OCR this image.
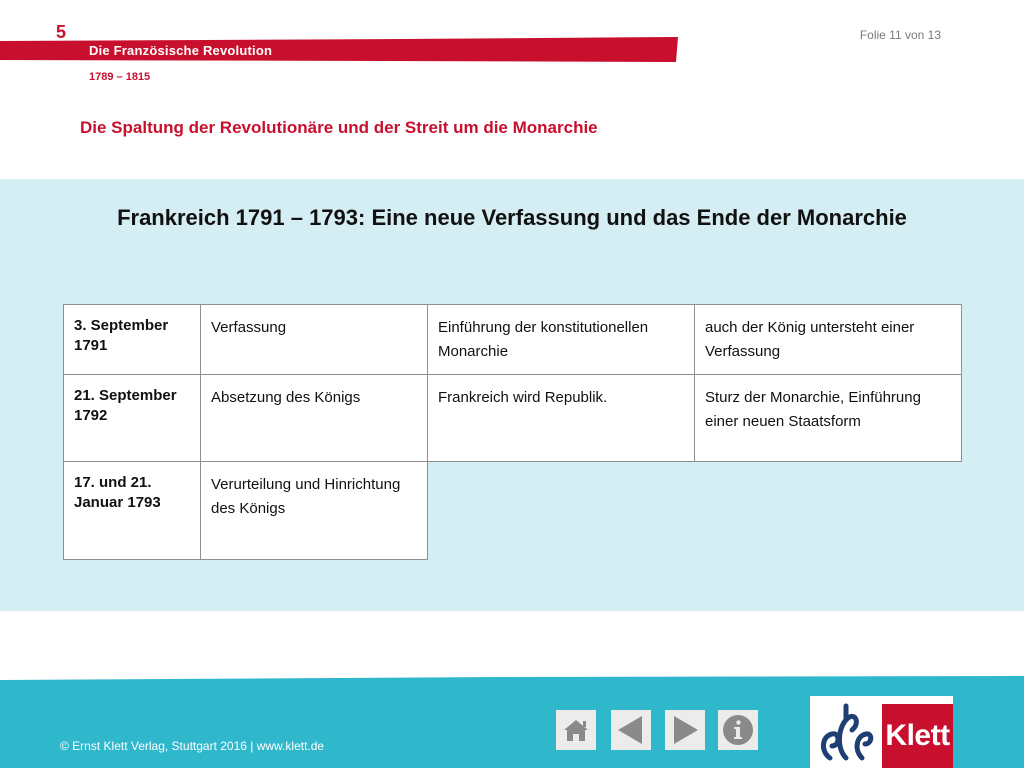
5	Folie 11 von 13
Die Französische Revolution
1789 – 1815
Die Spaltung der Revolutionäre und der Streit um die Monarchie
Frankreich 1791 – 1793: Eine neue Verfassung und das Ende der Monarchie
3. September 1791	Verfassung	Einführung der konstitutionellen Monarchie	auch der König untersteht einer Verfassung
21. September 1792	Absetzung des Königs	Frankreich wird Republik.	Sturz der Monarchie, Einführung einer neuen Staatsform
17. und 21. Januar 1793	Verurteilung und Hinrichtung des Königs		
© Ernst Klett Verlag, Stuttgart 2016 | www.klett.de	Klett
